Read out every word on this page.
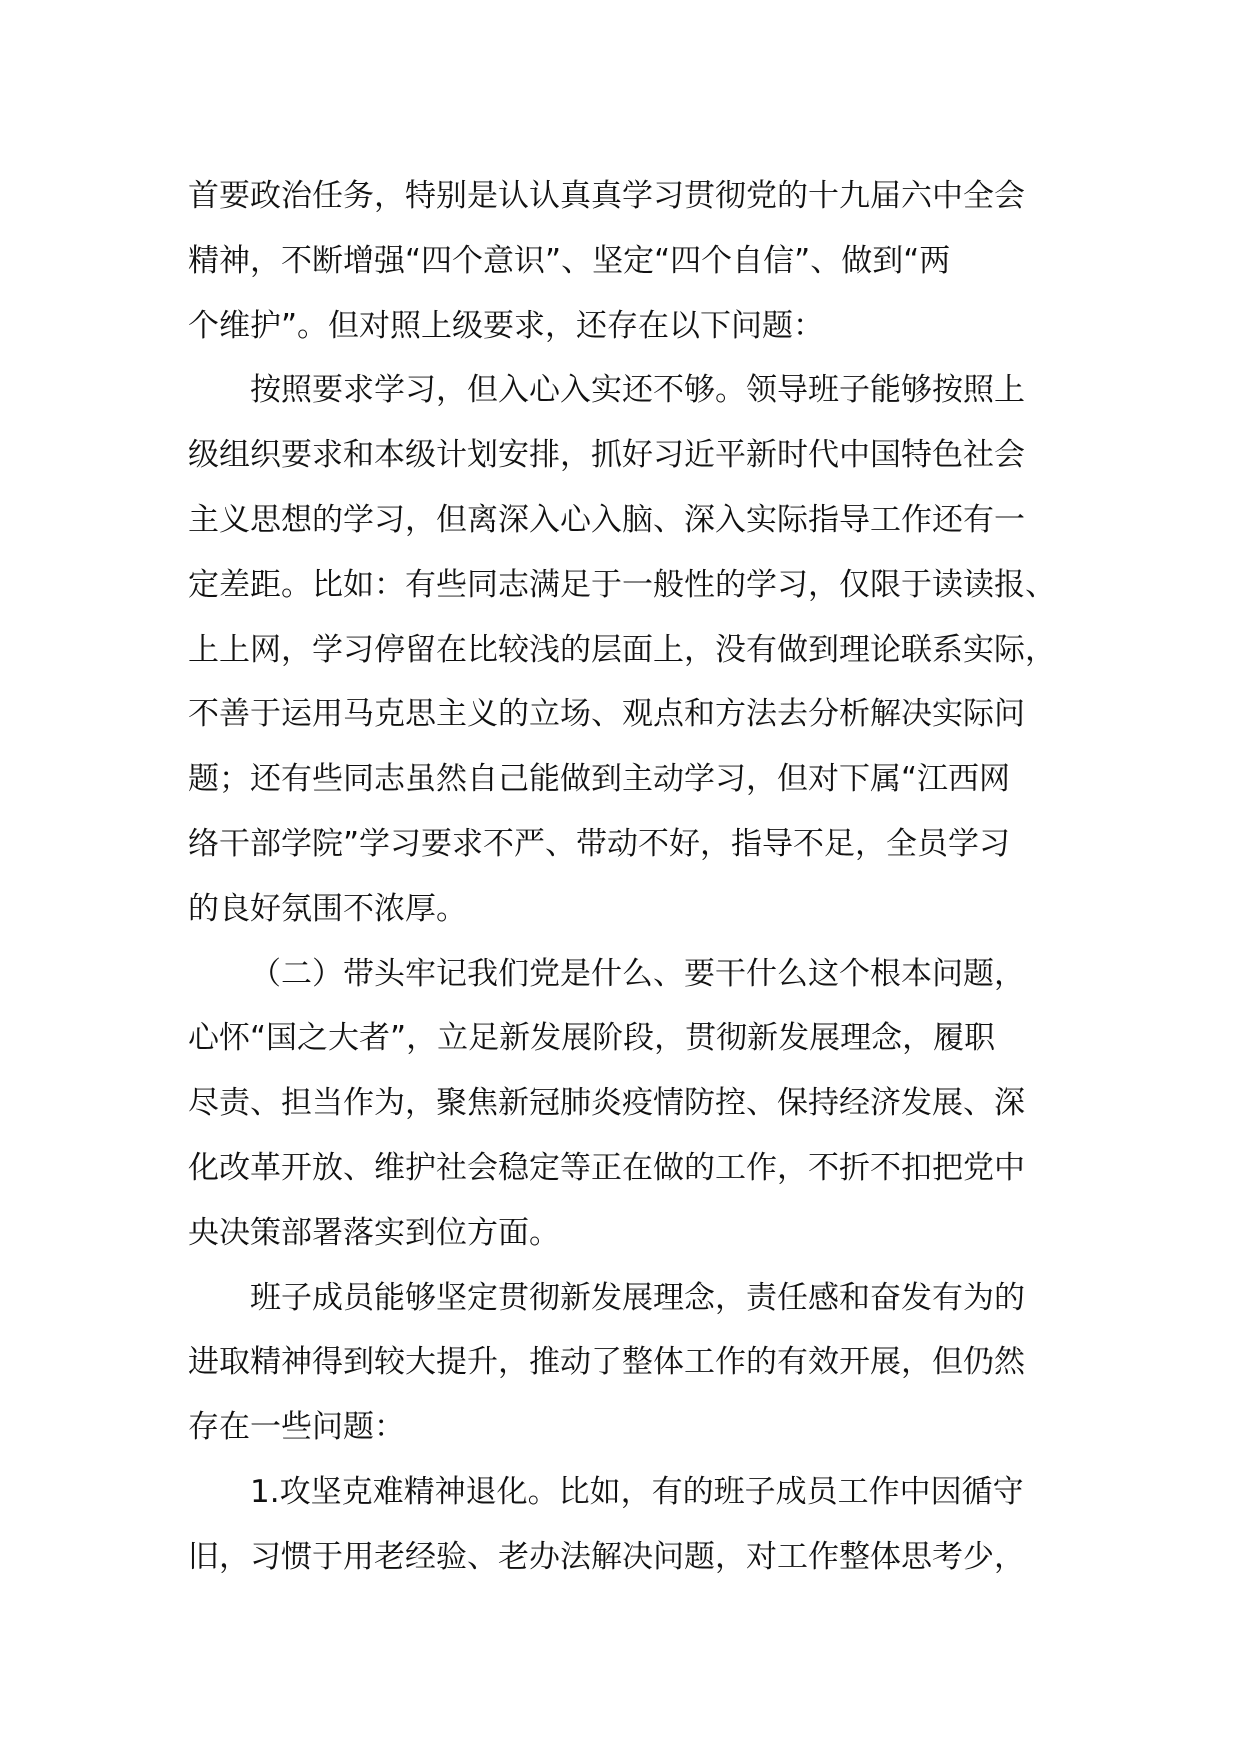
首要政治任务，特别是认认真真学习贯彻党的十九届六中全会
精神，不断增强“四个意识”、坚定“四个自信”、做到“两
个维护”。但对照上级要求，还存在以下问题：
按照要求学习，但入心入实还不够。领导班子能够按照上
级组织要求和本级计划安排，抓好习近平新时代中国特色社会
主义思想的学习，但离深入心入脑、深入实际指导工作还有一
定差距。比如：有些同志满足于一般性的学习，仅限于读读报、
上上网，学习停留在比较浅的层面上，没有做到理论联系实际，
不善于运用马克思主义的立场、观点和方法去分析解决实际问
题；还有些同志虽然自己能做到主动学习，但对下属“江西网
络干部学院”学习要求不严、带动不好，指导不足，全员学习
的良好氛围不浓厚。
（二）带头牢记我们党是什么、要干什么这个根本问题，
心怀“国之大者”，立足新发展阶段，贯彻新发展理念，履职
尽责、担当作为，聚焦新冠肺炎疫情防控、保持经济发展、深
化改革开放、维护社会稳定等正在做的工作，不折不扣把党中
央决策部署落实到位方面。
班子成员能够坚定贯彻新发展理念，责任感和奋发有为的
进取精神得到较大提升，推动了整体工作的有效开展，但仍然
存在一些问题：
1.攻坚克难精神退化。比如，有的班子成员工作中因循守
旧，习惯于用老经验、老办法解决问题，对工作整体思考少，
